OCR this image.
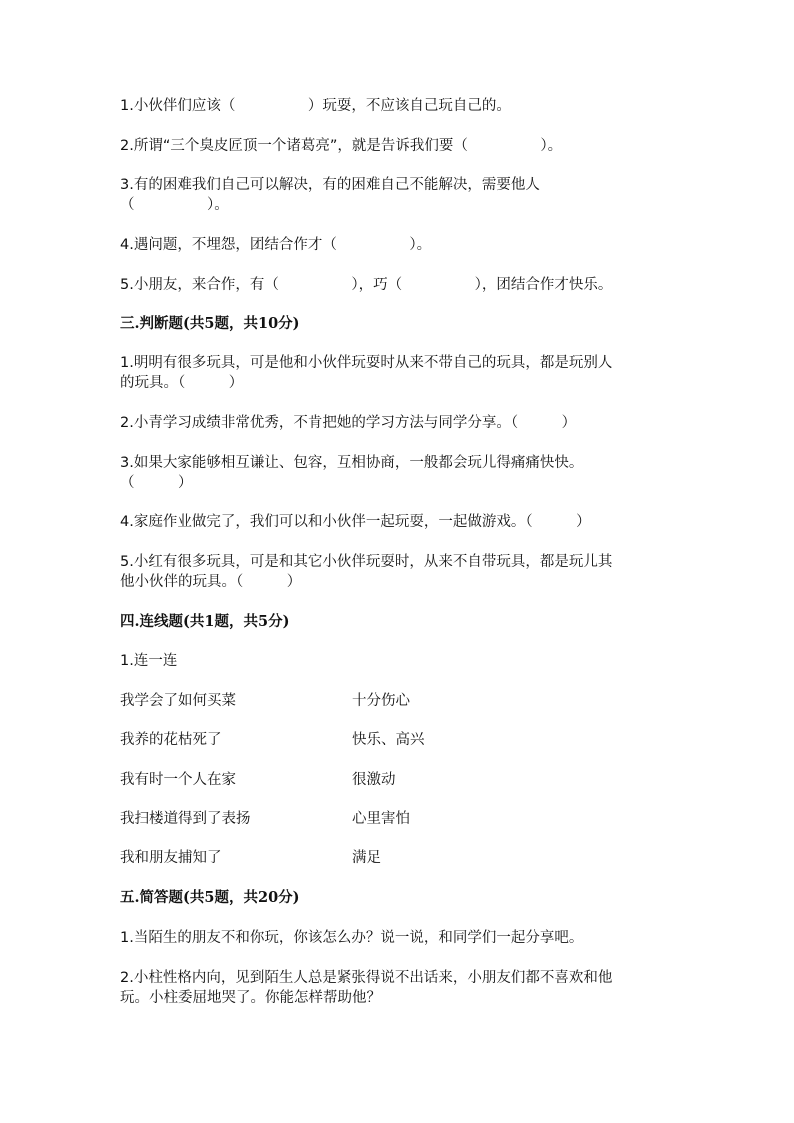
1.小伙伴们应该（　　　　　）玩耍，不应该自己玩自己的。
2.所谓“三个臭皮匠顶一个诸葛亮”，就是告诉我们要（　　　　　）。
3.有的困难我们自己可以解决，有的困难自己不能解决，需要他人
（　　　　　）。
4.遇问题，不埋怨，团结合作才（　　　　　）。
5.小朋友，来合作，有（　　　　　），巧（　　　　　），团结合作才快乐。
三.判断题(共5题，共10分)
1.明明有很多玩具，可是他和小伙伴玩耍时从来不带自己的玩具，都是玩别人
的玩具。（　　　）
2.小青学习成绩非常优秀，不肯把她的学习方法与同学分享。（　　　）
3.如果大家能够相互谦让、包容，互相协商，一般都会玩儿得痛痛快快。
（　　　）
4.家庭作业做完了，我们可以和小伙伴一起玩耍，一起做游戏。（　　　）
5.小红有很多玩具，可是和其它小伙伴玩耍时，从来不自带玩具，都是玩儿其
他小伙伴的玩具。（　　　）
四.连线题(共1题，共5分)
1.连一连
我学会了如何买菜	十分伤心
我养的花枯死了	快乐、高兴
我有时一个人在家	很激动
我扫楼道得到了表扬	心里害怕
我和朋友捕知了	满足
五.简答题(共5题，共20分)
1.当陌生的朋友不和你玩，你该怎么办？说一说，和同学们一起分享吧。
2.小柱性格内向，见到陌生人总是紧张得说不出话来，小朋友们都不喜欢和他
玩。小柱委屈地哭了。你能怎样帮助他？
